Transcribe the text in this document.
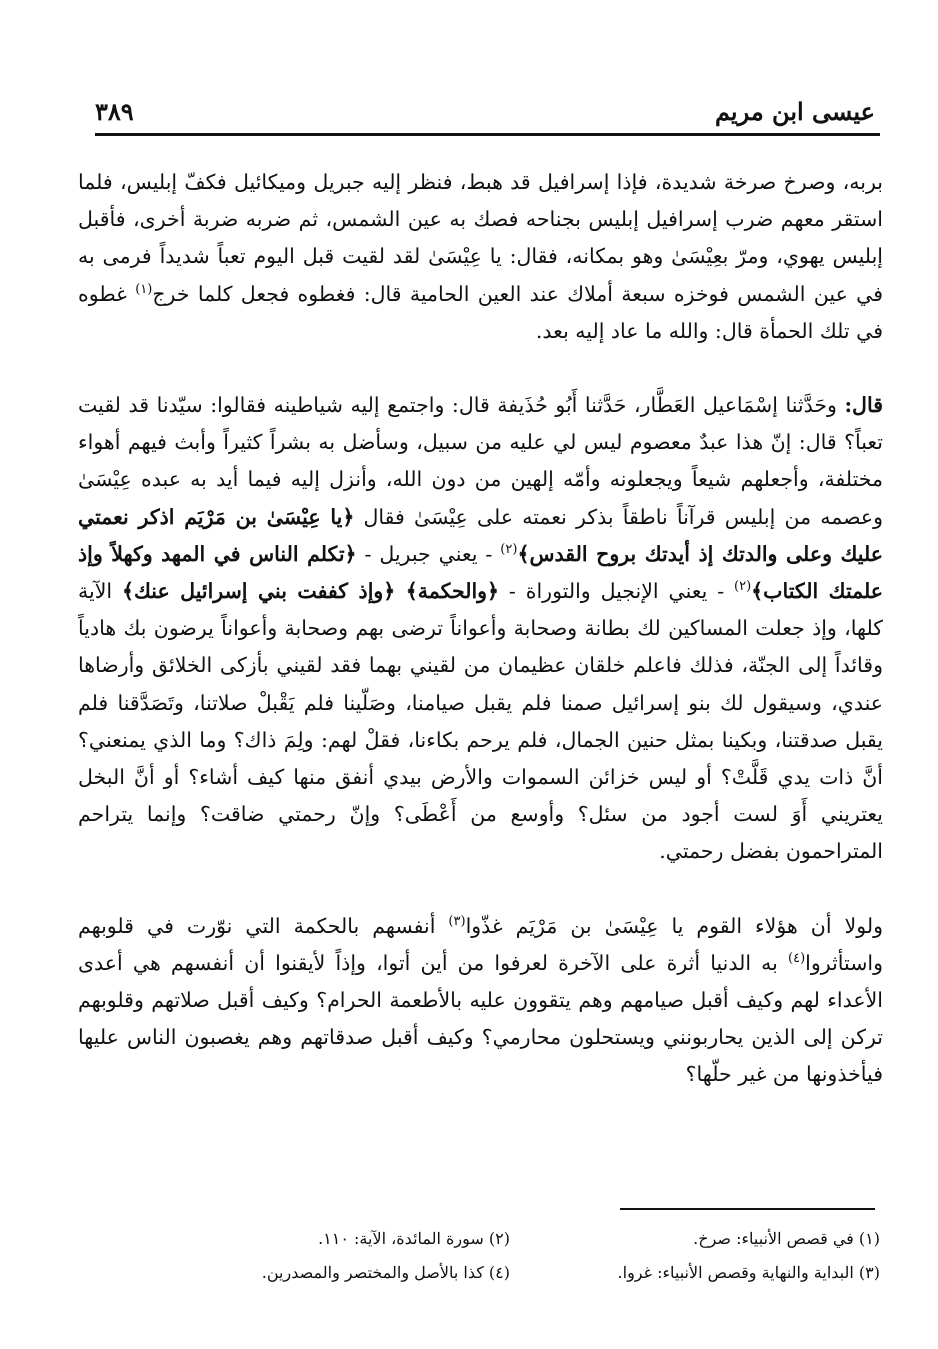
عيسى ابن مريم
٣٨٩

بربه، وصرخ صرخة شديدة، فإذا إسرافيل قد هبط، فنظر إليه جبريل وميكائيل فكفّ إبليس، فلما استقر معهم ضرب إسرافيل إبليس بجناحه فصك به عين الشمس، ثم ضربه ضربة أخرى، فأقبل إبليس يهوي، ومرّ بعِيْسَىٰ وهو بمكانه، فقال: يا عِيْسَىٰ لقد لقيت قبل اليوم تعباً شديداً فرمى به في عين الشمس فوخزه سبعة أملاك عند العين الحامية قال: فغطوه فجعل كلما خرج$^{(١)}$ غطوه في تلك الحمأة قال: والله ما عاد إليه بعد.

قال: وحَدَّثنا إسْمَاعيل العَطَّار، حَدَّثنا أَبُو حُذَيفة قال: واجتمع إليه شياطينه فقالوا: سيّدنا قد لقيت تعباً؟ قال: إنّ هذا عبدٌ معصوم ليس لي عليه من سبيل، وسأضل به بشراً كثيراً وأبث فيهم أهواء مختلفة، وأجعلهم شيعاً ويجعلونه وأمّه إلهين من دون الله، وأنزل إليه فيما أيد به عبده عِيْسَىٰ وعصمه من إبليس قرآناً ناطقاً بذكر نعمته على عِيْسَىٰ فقال ﴿يا عِيْسَىٰ بن مَرْيَم اذكر نعمتي عليك وعلى والدتك إذ أيدتك بروح القدس﴾$^{(٢)}$ - يعني جبريل - ﴿تكلم الناس في المهد وكهلاً وإذ علمتك الكتاب﴾$^{(٢)}$ - يعني الإنجيل والتوراة - ﴿والحكمة﴾ ﴿وإذ كففت بني إسرائيل عنك﴾ الآية كلها، وإذ جعلت المساكين لك بطانة وصحابة وأعواناً ترضى بهم وصحابة وأعواناً يرضون بك هادياً وقائداً إلى الجنّة، فذلك فاعلم خلقان عظيمان من لقيني بهما فقد لقيني بأزكى الخلائق وأرضاها عندي، وسيقول لك بنو إسرائيل صمنا فلم يقبل صيامنا، وصَلّينا فلم يَقْبلْ صلاتنا، وتَصَدَّقنا فلم يقبل صدقتنا، وبكينا بمثل حنين الجمال، فلم يرحم بكاءنا، فقلْ لهم: ولِمَ ذاك؟ وما الذي يمنعني؟ أنَّ ذات يدي قَلَّتْ؟ أو ليس خزائن السموات والأرض بيدي أنفق منها كيف أشاء؟ أو أنَّ البخل يعتريني أَوَ لست أجود من سئل؟ وأوسع من أَعْطَى؟ وإنّ رحمتي ضاقت؟ وإنما يتراحم المتراحمون بفضل رحمتي.

ولولا أن هؤلاء القوم يا عِيْسَىٰ بن مَرْيَم غذّوا$^{(٣)}$ أنفسهم بالحكمة التي نوّرت في قلوبهم واستأثروا$^{(٤)}$ به الدنيا أثرة على الآخرة لعرفوا من أين أتوا، وإذاً لأيقنوا أن أنفسهم هي أعدى الأعداء لهم وكيف أقبل صيامهم وهم يتقوون عليه بالأطعمة الحرام؟ وكيف أقبل صلاتهم وقلوبهم تركن إلى الذين يحاربونني ويستحلون محارمي؟ وكيف أقبل صدقاتهم وهم يغصبون الناس عليها فيأخذونها من غير حلّها؟

(١) في قصص الأنبياء: صرخ.
(٢) سورة المائدة، الآية: ١١٠.
(٣) البداية والنهاية وقصص الأنبياء: غروا.
(٤) كذا بالأصل والمختصر والمصدرين.
